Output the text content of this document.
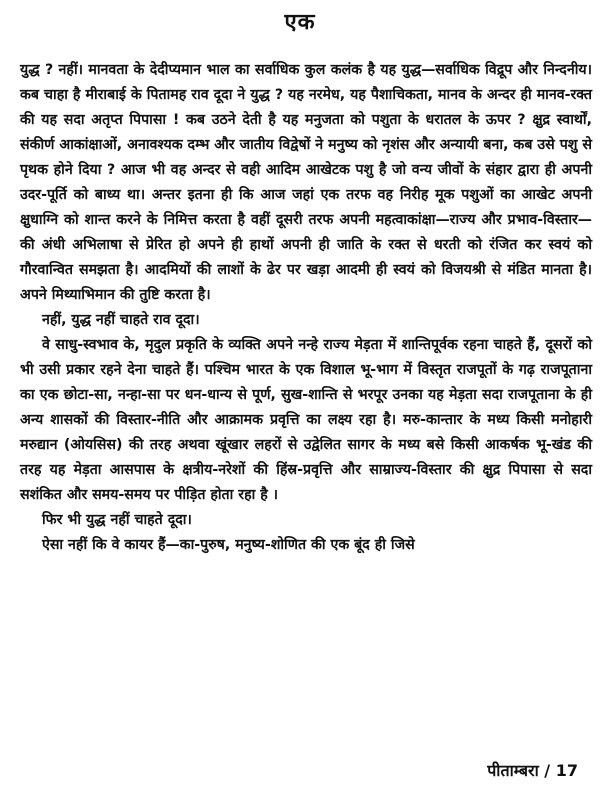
एक

युद्ध ? नहीं। मानवता के देदीप्यमान भाल का सर्वाधिक कुल कलंक है यह युद्ध—सर्वाधिक विद्रूप और निन्दनीय। कब चाहा है मीराबाई के पितामह राव दूदा ने युद्ध ? यह नरमेध, यह पैशाचिकता, मानव के अन्दर ही मानव-रक्त की यह सदा अतृप्त पिपासा ! कब उठने देती है यह मनुजता को पशुता के धरातल के ऊपर ? क्षुद्र स्वार्थों, संकीर्ण आकांक्षाओं, अनावश्यक दम्भ और जातीय विद्वेषों ने मनुष्य को नृशंस और अन्यायी बना, कब उसे पशु से पृथक होने दिया ? आज भी वह अन्दर से वही आदिम आखेटक पशु है जो वन्य जीवों के संहार द्वारा ही अपनी उदर-पूर्ति को बाध्य था। अन्तर इतना ही कि आज जहां एक तरफ वह निरीह मूक पशुओं का आखेट अपनी क्षुधाग्नि को शान्त करने के निमित्त करता है वहीं दूसरी तरफ अपनी महत्वाकांक्षा—राज्य और प्रभाव-विस्तार—की अंधी अभिलाषा से प्रेरित हो अपने ही हाथों अपनी ही जाति के रक्त से धरती को रंजित कर स्वयं को गौरवान्वित समझता है। आदमियों की लाशों के ढेर पर खड़ा आदमी ही स्वयं को विजयश्री से मंडित मानता है। अपने मिथ्याभिमान की तुष्टि करता है।

नहीं, युद्ध नहीं चाहते राव दूदा।

वे साधु-स्वभाव के, मृदुल प्रकृति के व्यक्ति अपने नन्हे राज्य मेड़ता में शान्तिपूर्वक रहना चाहते हैं, दूसरों को भी उसी प्रकार रहने देना चाहते हैं। पश्चिम भारत के एक विशाल भू-भाग में विस्तृत राजपूतों के गढ़ राजपूताना का एक छोटा-सा, नन्हा-सा पर धन-धान्य से पूर्ण, सुख-शान्ति से भरपूर उनका यह मेड़ता सदा राजपूताना के ही अन्य शासकों की विस्तार-नीति और आक्रामक प्रवृत्ति का लक्ष्य रहा है। मरु-कान्तार के मध्य किसी मनोहारी मरुद्यान (ओयसिस) की तरह अथवा खूंखार लहरों से उद्वेलित सागर के मध्य बसे किसी आकर्षक भू-खंड की तरह यह मेड़ता आसपास के क्षत्रीय-नरेशों की हिंस्र-प्रवृत्ति और साम्राज्य-विस्तार की क्षुद्र पिपासा से सदा सशंकित और समय-समय पर पीड़ित होता रहा है ।

फिर भी युद्ध नहीं चाहते दूदा।

ऐसा नहीं कि वे कायर हैं—का-पुरुष, मनुष्य-शोणित की एक बूंद ही जिसे

पीताम्बरा / 17
